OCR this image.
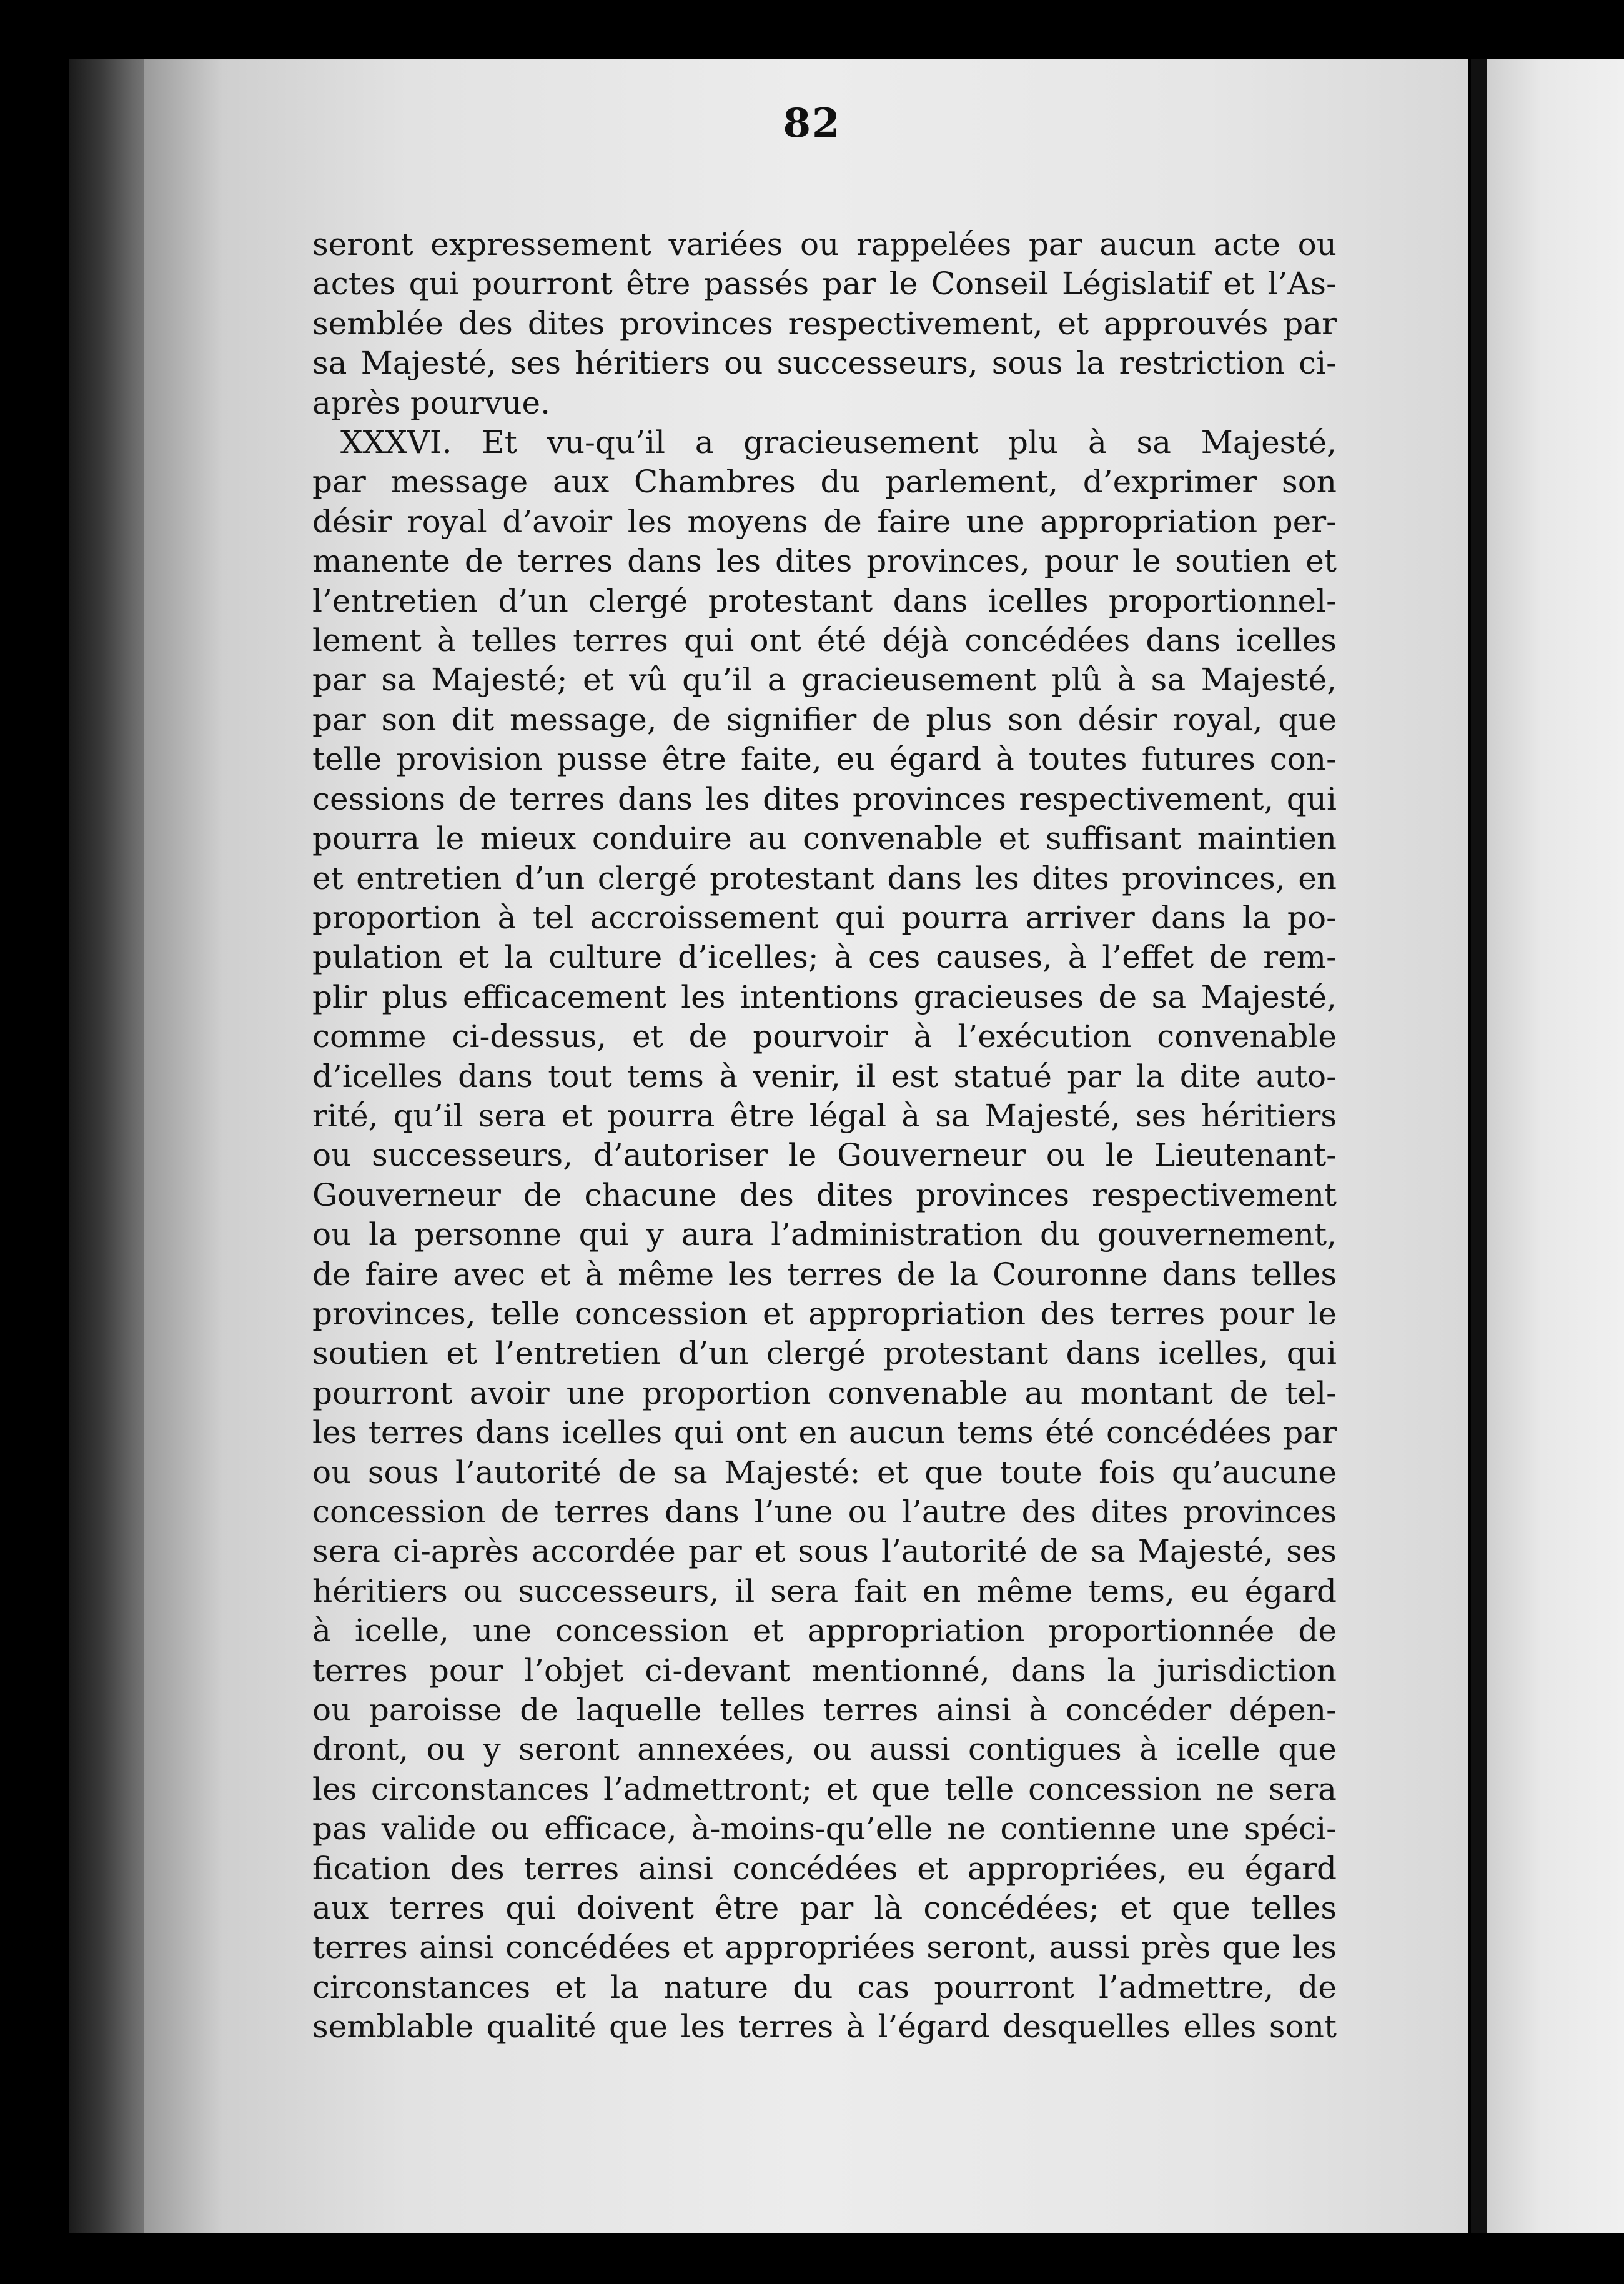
82
seront expressement variées ou rappelées par aucun acte ou
actes qui pourront être passés par le Conseil Législatif et l’As-
semblée des dites provinces respectivement, et approuvés par
sa Majesté, ses héritiers ou successeurs, sous la restriction ci-
après pourvue.
XXXVI. Et vu-qu’il a gracieusement plu à sa Majesté,
par message aux Chambres du parlement, d’exprimer son
désir royal d’avoir les moyens de faire une appropriation per-
manente de terres dans les dites provinces, pour le soutien et
l’entretien d’un clergé protestant dans icelles proportionnel-
lement à telles terres qui ont été déjà concédées dans icelles
par sa Majesté; et vû qu’il a gracieusement plû à sa Majesté,
par son dit message, de signifier de plus son désir royal, que
telle provision pusse être faite, eu égard à toutes futures con-
cessions de terres dans les dites provinces respectivement, qui
pourra le mieux conduire au convenable et suffisant maintien
et entretien d’un clergé protestant dans les dites provinces, en
proportion à tel accroissement qui pourra arriver dans la po-
pulation et la culture d’icelles; à ces causes, à l’effet de rem-
plir plus efficacement les intentions gracieuses de sa Majesté,
comme ci-dessus, et de pourvoir à l’exécution convenable
d’icelles dans tout tems à venir, il est statué par la dite auto-
rité, qu’il sera et pourra être légal à sa Majesté, ses héritiers
ou successeurs, d’autoriser le Gouverneur ou le Lieutenant-
Gouverneur de chacune des dites provinces respectivement
ou la personne qui y aura l’administration du gouvernement,
de faire avec et à même les terres de la Couronne dans telles
provinces, telle concession et appropriation des terres pour le
soutien et l’entretien d’un clergé protestant dans icelles, qui
pourront avoir une proportion convenable au montant de tel-
les terres dans icelles qui ont en aucun tems été concédées par
ou sous l’autorité de sa Majesté: et que toute fois qu’aucune
concession de terres dans l’une ou l’autre des dites provinces
sera ci-après accordée par et sous l’autorité de sa Majesté, ses
héritiers ou successeurs, il sera fait en même tems, eu égard
à icelle, une concession et appropriation proportionnée de
terres pour l’objet ci-devant mentionné, dans la jurisdiction
ou paroisse de laquelle telles terres ainsi à concéder dépen-
dront, ou y seront annexées, ou aussi contigues à icelle que
les circonstances l’admettront; et que telle concession ne sera
pas valide ou efficace, à-moins-qu’elle ne contienne une spéci-
fication des terres ainsi concédées et appropriées, eu égard
aux terres qui doivent être par là concédées; et que telles
terres ainsi concédées et appropriées seront, aussi près que les
circonstances et la nature du cas pourront l’admettre, de
semblable qualité que les terres à l’égard desquelles elles sont
